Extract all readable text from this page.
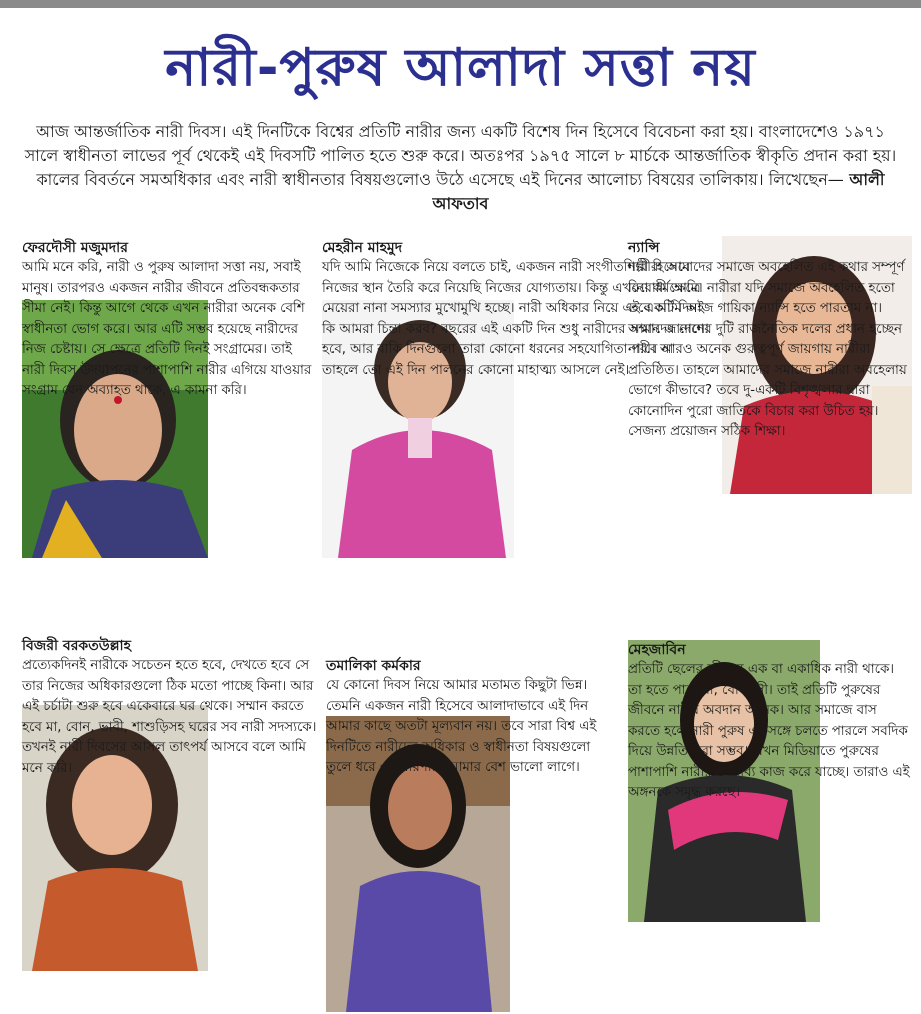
নারী-পুরুষ আলাদা সত্তা নয়
আজ আন্তর্জাতিক নারী দিবস। এই দিনটিকে বিশ্বের প্রতিটি নারীর জন্য একটি বিশেষ দিন হিসেবে বিবেচনা করা হয়। বাংলাদেশেও ১৯৭১ সালে স্বাধীনতা লাভের পূর্ব থেকেই এই দিবসটি পালিত হতে শুরু করে। অতঃপর ১৯৭৫ সালে ৮ মার্চকে আন্তর্জাতিক স্বীকৃতি প্রদান করা হয়। কালের বিবর্তনে সমঅধিকার এবং নারী স্বাধীনতার বিষয়গুলোও উঠে এসেছে এই দিনের আলোচ্য বিষয়ের তালিকায়। লিখেছেন— আলী আফতাব
ফেরদৌসী মজুমদার

আমি মনে করি, নারী ও পুরুষ আলাদা সত্তা নয়, সবাই মানুষ। তারপরও একজন নারীর জীবনে প্রতিবন্ধকতার সীমা নেই। কিন্তু আগে থেকে এখন নারীরা অনেক বেশি স্বাধীনতা ভোগ করে। আর এটি সম্ভব হয়েছে নারীদের নিজ চেষ্টায়। সে ক্ষেত্রে প্রতিটি দিনই সংগ্রামের। তাই নারী দিবস উদযাপনের পাশাপাশি নারীর এগিয়ে যাওয়ার সংগ্রাম যেন অব্যাহত থাকে, এ কামনা করি।

মেহরীন মাহমুদ

যদি আমি নিজেকে নিয়ে বলতে চাই, একজন নারী সংগীতশিল্পী হিসেবে নিজের স্থান তৈরি করে নিয়েছি নিজের যোগ্যতায়। কিন্তু এখনো কর্মক্ষেত্রে মেয়েরা নানা সমস্যার মুখোমুখি হচ্ছে। নারী অধিকার নিয়ে এই একটি দিনই কি আমরা চিন্তা করব? বছরের এই একটি দিন শুধু নারীদের সম্মান জানানো হবে, আর বাকি দিনগুলো তারা কোনো ধরনের সহযোগিতা পাবে না তাহলে তো এই দিন পালনের কোনো মাহাত্ম্য আসলে নেই।

ন্যান্সি

নারীরা আমাদের সমাজে অবহেলিত এই কথার সম্পূর্ণ বিরোধী আমি। নারীরা যদি সমাজে অবহেলিত হতো তবে আমি আজ গায়িকা ন্যান্সি হতে পারতাম না। আমাদের দেশের দুটি রাজনৈতিক দলের প্রধান হচ্ছেন নারী। আরও অনেক গুরুত্বপূর্ণ জায়গায় নারীরা প্রতিষ্ঠিত। তাহলে আমাদের সমাজে নারীরা অবহেলায় ভোগে কীভাবে? তবে দু-একটি বিশৃঙ্খলার দ্বারা কোনোদিন পুরো জাতিকে বিচার করা উচিত হয়। সেজন্য প্রয়োজন সঠিক শিক্ষা।

বিজরী বরকতউল্লাহ

প্রত্যেকদিনই নারীকে সচেতন হতে হবে, দেখতে হবে সে তার নিজের অধিকারগুলো ঠিক মতো পাচ্ছে কিনা। আর এই চর্চাটা শুরু হবে একেবারে ঘর থেকে। সম্মান করতে হবে মা, বোন, ভাবী, শাশুড়িসহ ঘরের সব নারী সদস্যকে। তখনই নারী দিবসের আসল তাৎপর্য আসবে বলে আমি মনে করি।

তমালিকা কর্মকার

যে কোনো দিবস নিয়ে আমার মতামত কিছুটা ভিন্ন। তেমনি একজন নারী হিসেবে আলাদাভাবে এই দিন আমার কাছে অতটা মূল্যবান নয়। তবে সারা বিশ্ব এই দিনটিতে নারীদের অধিকার ও স্বাধীনতা বিষয়গুলো তুলে ধরে এই ধারণাটি আমার বেশ ভালো লাগে।

মেহজাবিন

প্রতিটি ছেলের জীবনে এক বা একাধিক নারী থাকে। তা হতে পারে মা, বোন, স্ত্রী। তাই প্রতিটি পুরুষের জীবনে নারীর অবদান অনেক। আর সমাজে বাস করতে হলে নারী পুরুষ একসঙ্গে চলতে পারলে সবদিক দিয়ে উন্নতি করা সম্ভব। এখন মিডিয়াতে পুরুষের পাশাপাশি নারীরাও দিব্যি কাজ করে যাচ্ছে। তারাও এই অঙ্গনকে সমৃদ্ধ করছে।
